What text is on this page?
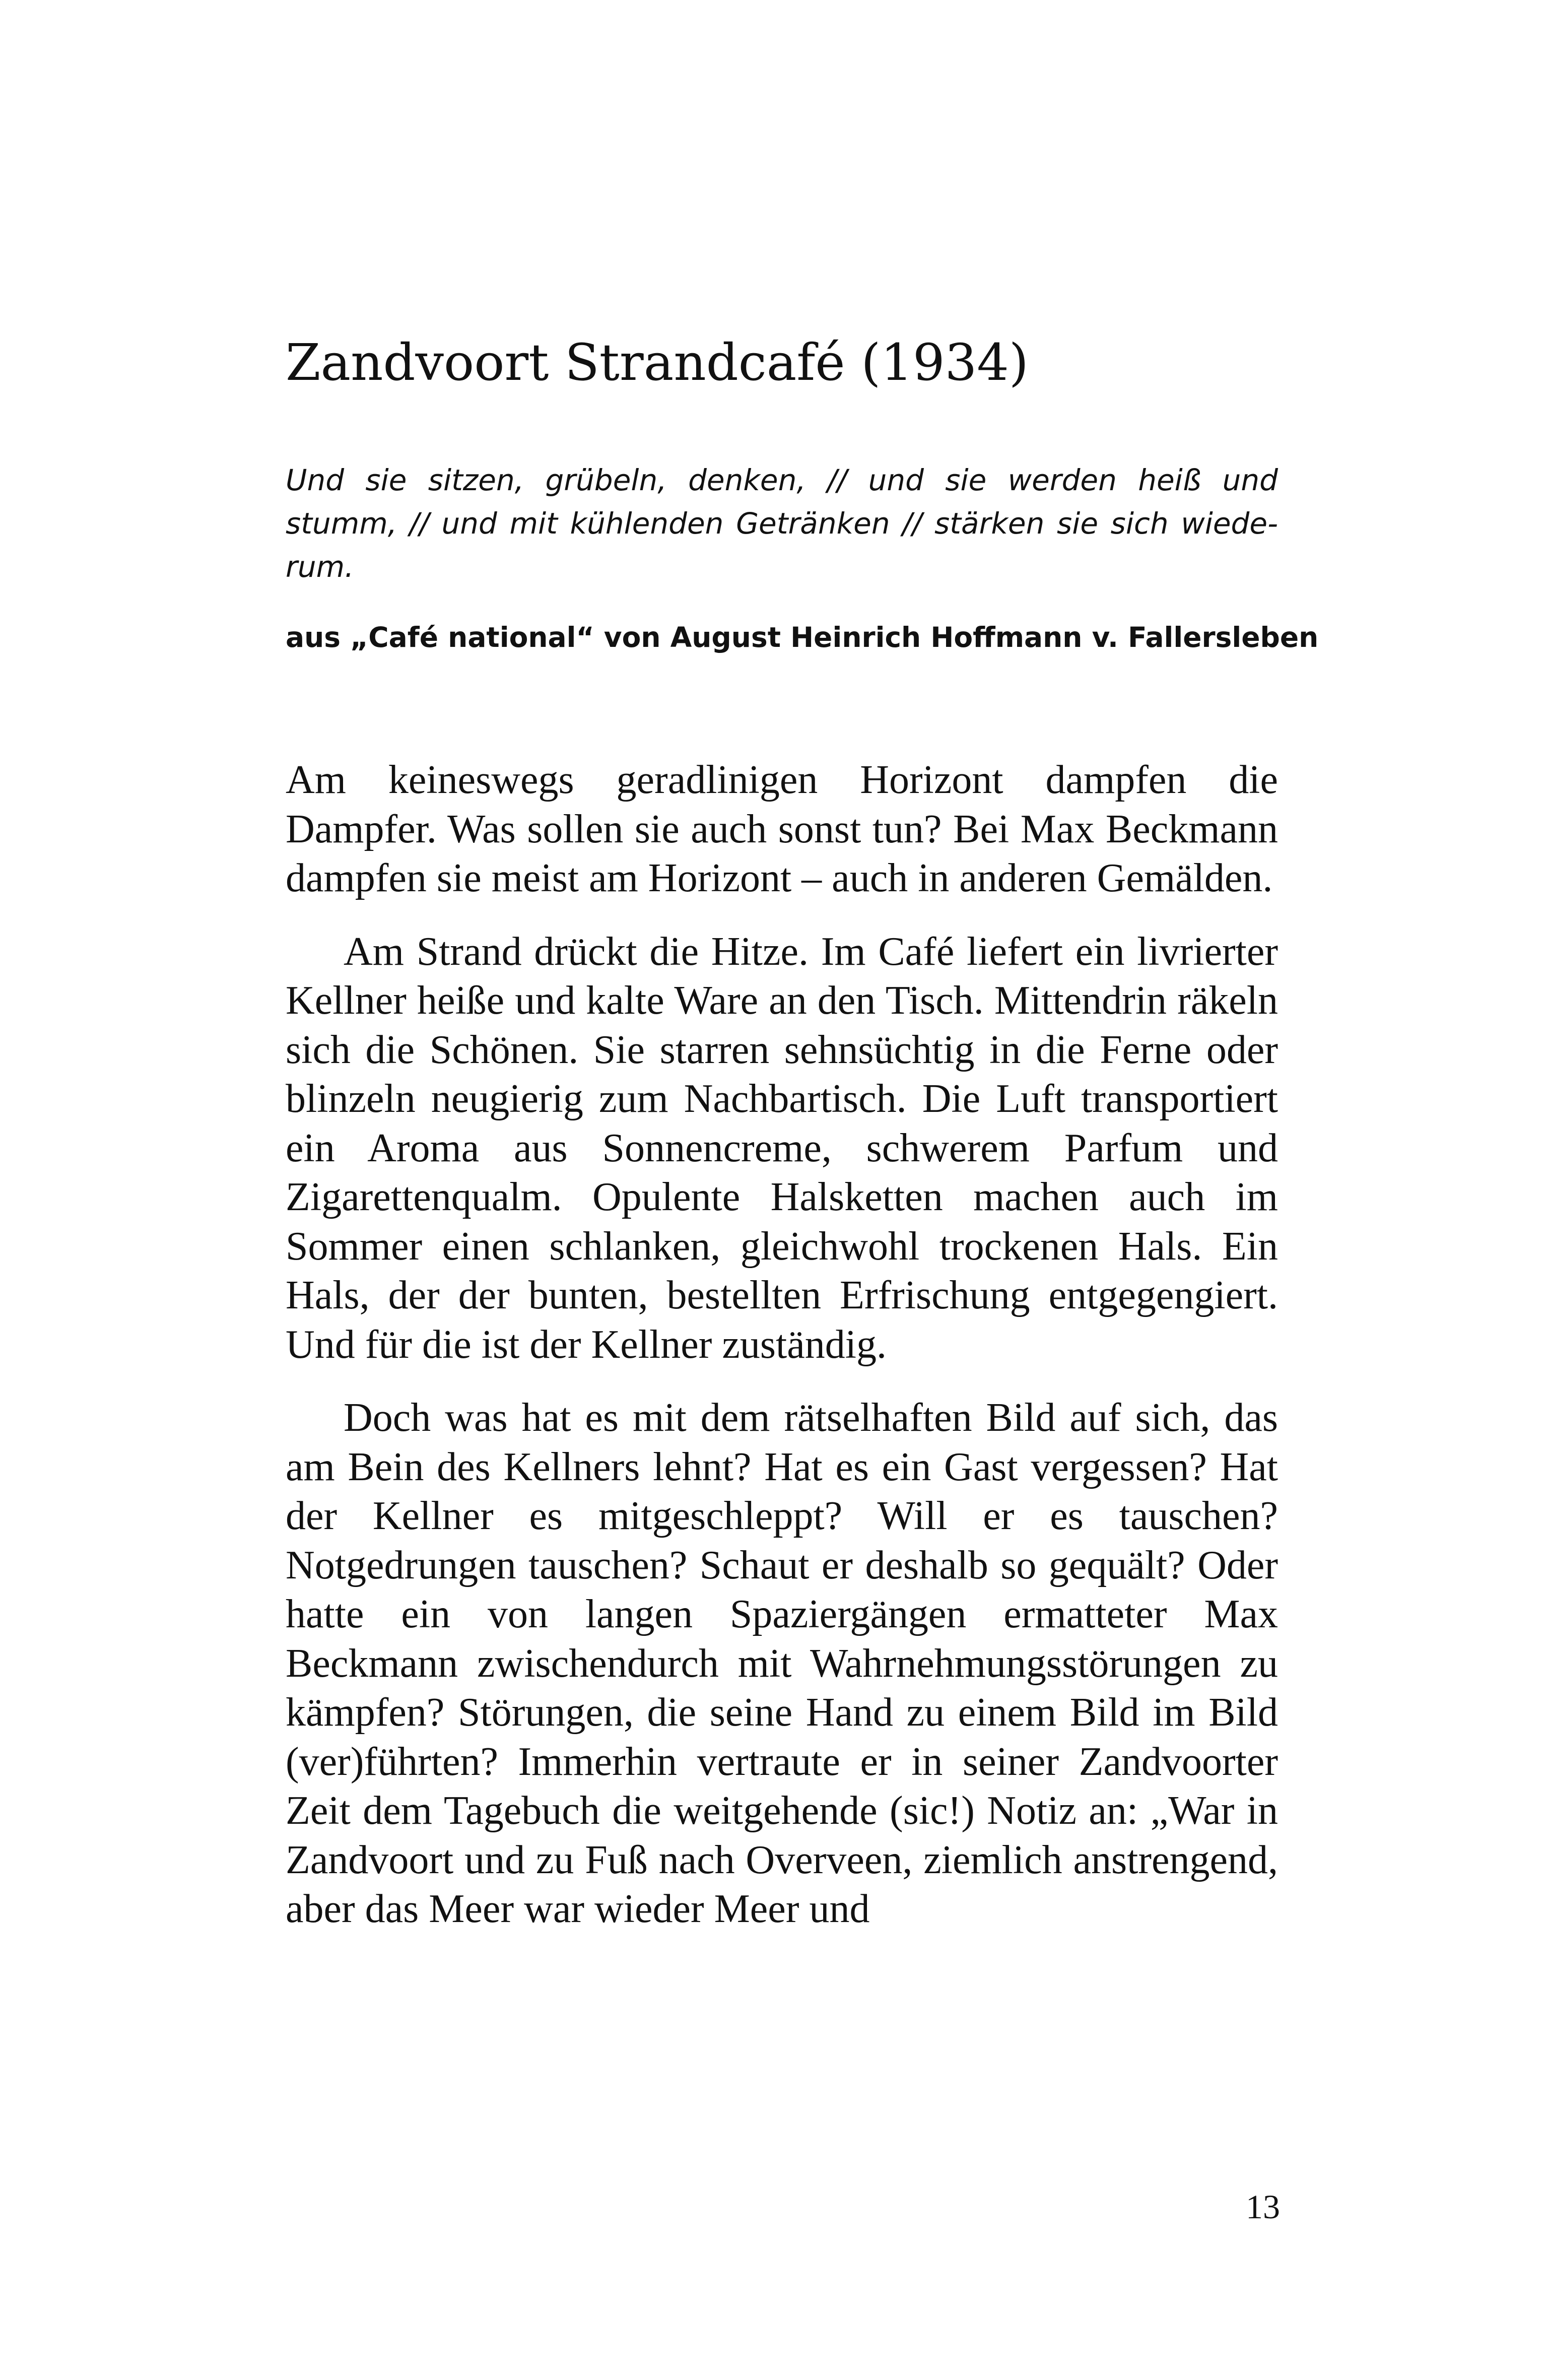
Zandvoort Strandcafé (1934)

Und sie sitzen, grübeln, denken, // und sie werden heiß und stumm, // und mit kühlenden Getränken // stärken sie sich wiederum.

aus „Café national“ von August Heinrich Hoffmann v. Fallersleben

Am keineswegs geradlinigen Horizont dampfen die Dampfer. Was sollen sie auch sonst tun? Bei Max Beckmann dampfen sie meist am Horizont – auch in anderen Gemälden.

Am Strand drückt die Hitze. Im Café liefert ein livrierter Kellner heiße und kalte Ware an den Tisch. Mittendrin räkeln sich die Schönen. Sie starren sehnsüchtig in die Ferne oder blinzeln neugierig zum Nachbartisch. Die Luft transportiert ein Aroma aus Sonnencreme, schwerem Parfum und Zigarettenqualm. Opulente Halsketten machen auch im Sommer einen schlanken, gleichwohl trockenen Hals. Ein Hals, der der bunten, bestellten Erfrischung entgegengiert. Und für die ist der Kellner zuständig.

Doch was hat es mit dem rätselhaften Bild auf sich, das am Bein des Kellners lehnt? Hat es ein Gast vergessen? Hat der Kellner es mitgeschleppt? Will er es tauschen? Notgedrungen tauschen? Schaut er deshalb so gequält? Oder hatte ein von langen Spaziergängen ermatteter Max Beckmann zwischendurch mit Wahrnehmungsstörungen zu kämpfen? Störungen, die seine Hand zu einem Bild im Bild (ver)führten? Immerhin vertraute er in seiner Zandvoorter Zeit dem Tagebuch die weitgehende (sic!) Notiz an: „War in Zandvoort und zu Fuß nach Overveen, ziemlich anstrengend, aber das Meer war wieder Meer und

13
